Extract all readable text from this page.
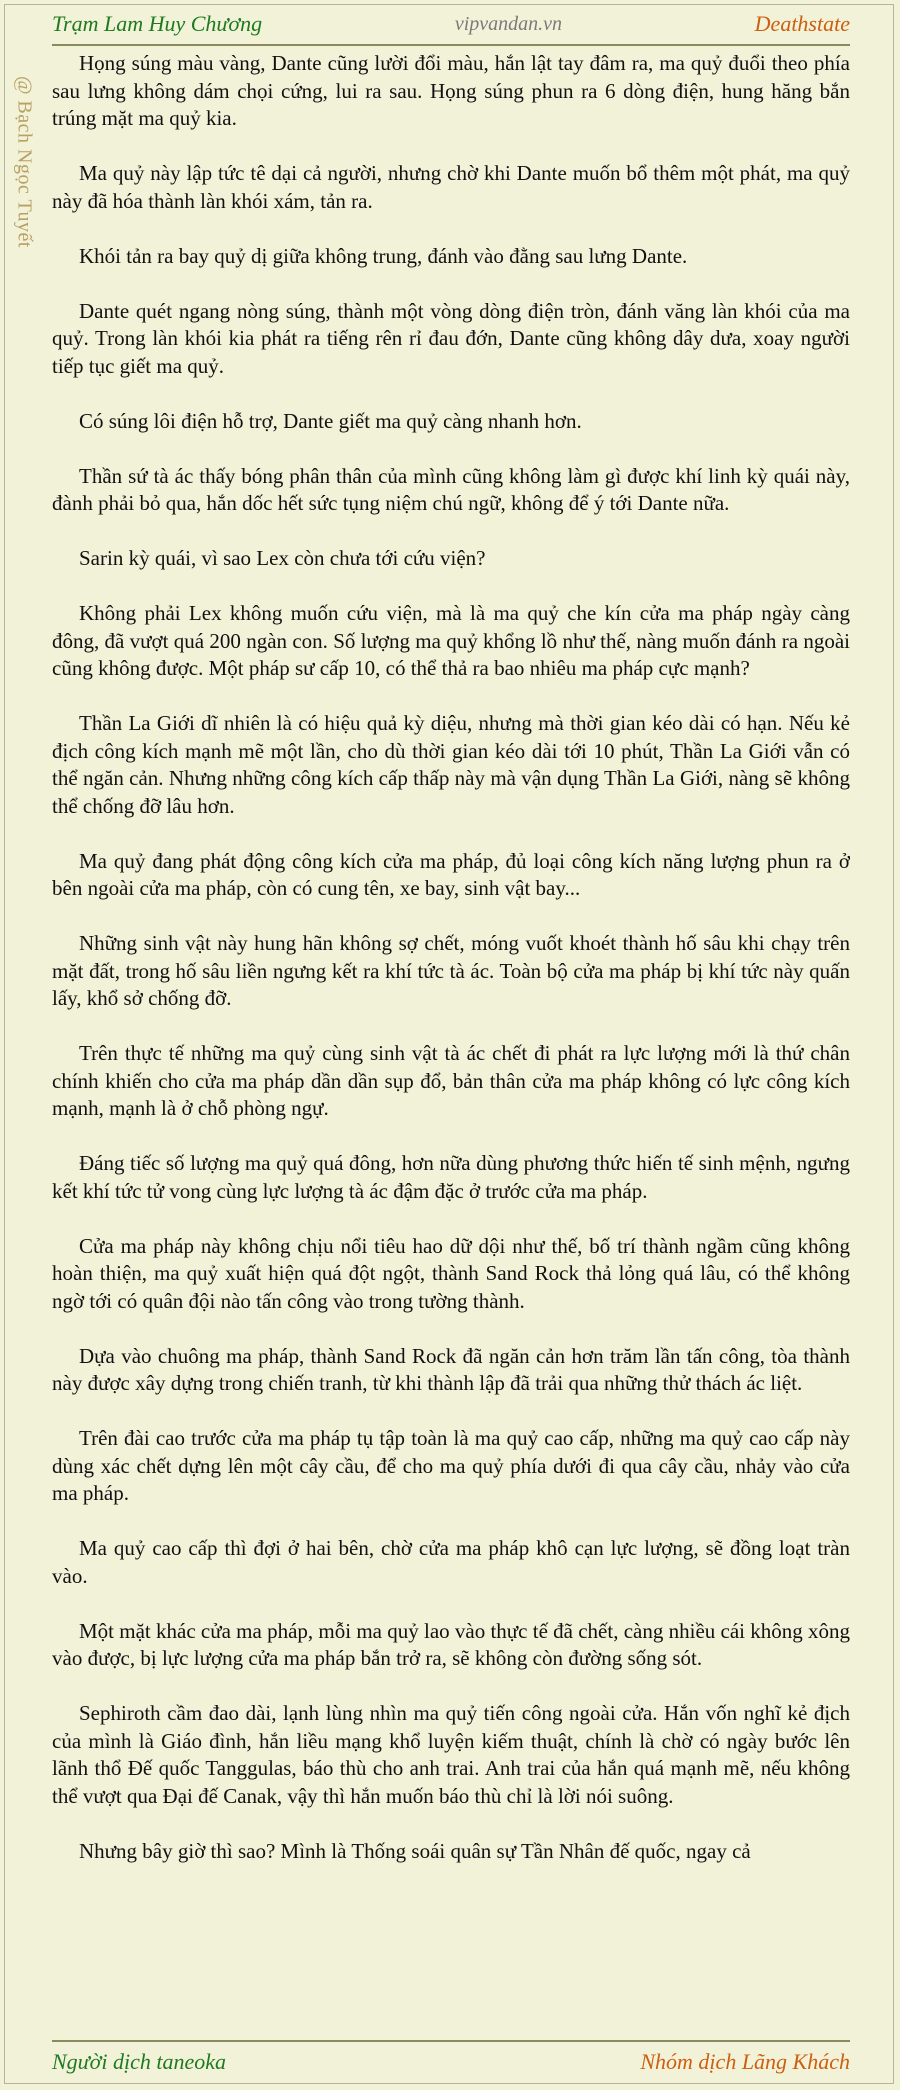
Trạm Lam Huy Chương	vipvandan.vn	Deathstate
@ Bạch Ngọc Tuyết

Họng súng màu vàng, Dante cũng lười đổi màu, hắn lật tay đâm ra, ma quỷ đuổi theo phía sau lưng không dám chọi cứng, lui ra sau. Họng súng phun ra 6 dòng điện, hung hăng bắn trúng mặt ma quỷ kia.

Ma quỷ này lập tức tê dại cả người, nhưng chờ khi Dante muốn bổ thêm một phát, ma quỷ này đã hóa thành làn khói xám, tản ra.

Khói tản ra bay quỷ dị giữa không trung, đánh vào đằng sau lưng Dante.

Dante quét ngang nòng súng, thành một vòng dòng điện tròn, đánh văng làn khói của ma quỷ. Trong làn khói kia phát ra tiếng rên rỉ đau đớn, Dante cũng không dây dưa, xoay người tiếp tục giết ma quỷ.

Có súng lôi điện hỗ trợ, Dante giết ma quỷ càng nhanh hơn.

Thần sứ tà ác thấy bóng phân thân của mình cũng không làm gì được khí linh kỳ quái này, đành phải bỏ qua, hắn dốc hết sức tụng niệm chú ngữ, không để ý tới Dante nữa.

Sarin kỳ quái, vì sao Lex còn chưa tới cứu viện?

Không phải Lex không muốn cứu viện, mà là ma quỷ che kín cửa ma pháp ngày càng đông, đã vượt quá 200 ngàn con. Số lượng ma quỷ khổng lồ như thế, nàng muốn đánh ra ngoài cũng không được. Một pháp sư cấp 10, có thể thả ra bao nhiêu ma pháp cực mạnh?

Thần La Giới dĩ nhiên là có hiệu quả kỳ diệu, nhưng mà thời gian kéo dài có hạn. Nếu kẻ địch công kích mạnh mẽ một lần, cho dù thời gian kéo dài tới 10 phút, Thần La Giới vẫn có thể ngăn cản. Nhưng những công kích cấp thấp này mà vận dụng Thần La Giới, nàng sẽ không thể chống đỡ lâu hơn.

Ma quỷ đang phát động công kích cửa ma pháp, đủ loại công kích năng lượng phun ra ở bên ngoài cửa ma pháp, còn có cung tên, xe bay, sinh vật bay...

Những sinh vật này hung hãn không sợ chết, móng vuốt khoét thành hố sâu khi chạy trên mặt đất, trong hố sâu liền ngưng kết ra khí tức tà ác. Toàn bộ cửa ma pháp bị khí tức này quấn lấy, khổ sở chống đỡ.

Trên thực tế những ma quỷ cùng sinh vật tà ác chết đi phát ra lực lượng mới là thứ chân chính khiến cho cửa ma pháp dần dần sụp đổ, bản thân cửa ma pháp không có lực công kích mạnh, mạnh là ở chỗ phòng ngự.

Đáng tiếc số lượng ma quỷ quá đông, hơn nữa dùng phương thức hiến tế sinh mệnh, ngưng kết khí tức tử vong cùng lực lượng tà ác đậm đặc ở trước cửa ma pháp.

Cửa ma pháp này không chịu nổi tiêu hao dữ dội như thế, bố trí thành ngầm cũng không hoàn thiện, ma quỷ xuất hiện quá đột ngột, thành Sand Rock thả lỏng quá lâu, có thể không ngờ tới có quân đội nào tấn công vào trong tường thành.

Dựa vào chuông ma pháp, thành Sand Rock đã ngăn cản hơn trăm lần tấn công, tòa thành này được xây dựng trong chiến tranh, từ khi thành lập đã trải qua những thử thách ác liệt.

Trên đài cao trước cửa ma pháp tụ tập toàn là ma quỷ cao cấp, những ma quỷ cao cấp này dùng xác chết dựng lên một cây cầu, để cho ma quỷ phía dưới đi qua cây cầu, nhảy vào cửa ma pháp.

Ma quỷ cao cấp thì đợi ở hai bên, chờ cửa ma pháp khô cạn lực lượng, sẽ đồng loạt tràn vào.

Một mặt khác cửa ma pháp, mỗi ma quỷ lao vào thực tế đã chết, càng nhiều cái không xông vào được, bị lực lượng cửa ma pháp bắn trở ra, sẽ không còn đường sống sót.

Sephiroth cầm đao dài, lạnh lùng nhìn ma quỷ tiến công ngoài cửa. Hắn vốn nghĩ kẻ địch của mình là Giáo đình, hắn liều mạng khổ luyện kiếm thuật, chính là chờ có ngày bước lên lãnh thổ Đế quốc Tanggulas, báo thù cho anh trai. Anh trai của hắn quá mạnh mẽ, nếu không thể vượt qua Đại đế Canak, vậy thì hắn muốn báo thù chỉ là lời nói suông.

Nhưng bây giờ thì sao? Mình là Thống soái quân sự Tần Nhân đế quốc, ngay cả

Người dịch taneoka	Nhóm dịch Lãng Khách
